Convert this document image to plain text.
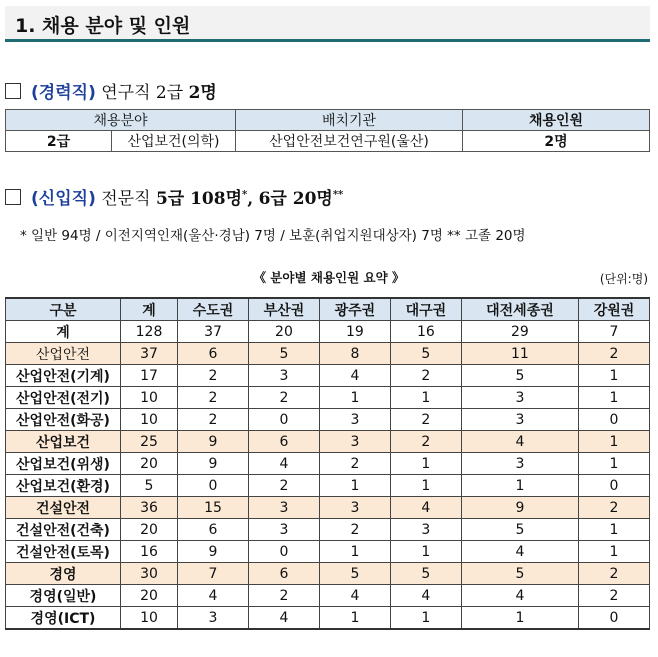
1. 채용 분야 및 인원
(경력직) 연구직 2급 2명
채용분야		배치기관	채용인원
2급	산업보건(의학)	산업안전보건연구원(울산)	2명
(신입직) 전문직 5급 108명*, 6급 20명**
* 일반 94명 / 이전지역인재(울산·경남) 7명 / 보훈(취업지원대상자) 7명 ** 고졸 20명
《 분야별 채용인원 요약 》	(단위:명)
구분	계	수도권	부산권	광주권	대구권	대전세종권	강원권
계	128	37	20	19	16	29	7
산업안전	37	6	5	8	5	11	2
산업안전(기계)	17	2	3	4	2	5	1
산업안전(전기)	10	2	2	1	1	3	1
산업안전(화공)	10	2	0	3	2	3	0
산업보건	25	9	6	3	2	4	1
산업보건(위생)	20	9	4	2	1	3	1
산업보건(환경)	5	0	2	1	1	1	0
건설안전	36	15	3	3	4	9	2
건설안전(건축)	20	6	3	2	3	5	1
건설안전(토목)	16	9	0	1	1	4	1
경영	30	7	6	5	5	5	2
경영(일반)	20	4	2	4	4	4	2
경영(ICT)	10	3	4	1	1	1	0
